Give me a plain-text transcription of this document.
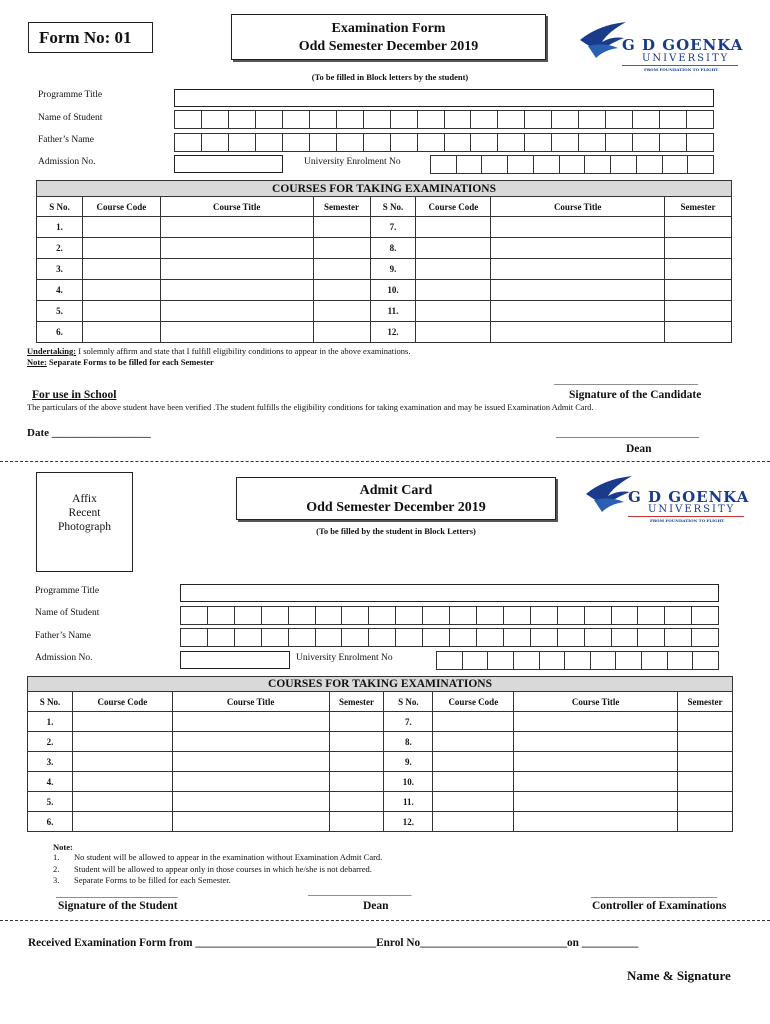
Form No: 01	Examination Form
Odd Semester December 2019	G D GOENKA
UNIVERSITY
FROM FOUNDATION TO FLIGHT
(To be filled in Block letters by the student)
Programme Title
Name of Student
Father’s Name
Admission No.	University Enrolment No
COURSES FOR TAKING EXAMINATIONS							
S No.	Course Code	Course Title	Semester	S No.	Course Code	Course Title	Semester
1.				7.			
2.				8.			
3.				9.			
4.				10.			
5.				11.			
6.				12.			
Undertaking: I solemnly affirm and state that I fulfill eligibility conditions to appear in the above examinations.
Note: Separate Forms to be filled for each Semester
________________________________
Signature of the Candidate
For use in School
The particulars of the above student have been verified .The student fulfills the eligibility conditions for taking examination and may be issued Examination Admit Card.
Date __________________	__________________________
Dean
Affix
Recent
Photograph
Admit Card
Odd Semester December 2019
G D GOENKA
UNIVERSITY
FROM FOUNDATION TO FLIGHT
(To be filled by the student in Block Letters)
Programme Title
Name of Student
Father’s Name
Admission No.	University Enrolment No
COURSES FOR TAKING EXAMINATIONS							
S No.	Course Code	Course Title	Semester	S No.	Course Code	Course Title	Semester
1.				7.			
2.				8.			
3.				9.			
4.				10.			
5.				11.			
6.				12.			
Note:
1. No student will be allowed to appear in the examination without Examination Admit Card.
2. Student will be allowed to appear only in those courses in which he/she is not debarred.
3. Separate Forms to be filled for each Semester.
_______________________
___________________________	____________________________
Signature of the Student	Dean	Controller of Examinations
Received Examination Form from ________________________________Enrol No__________________________on __________
Name & Signature
